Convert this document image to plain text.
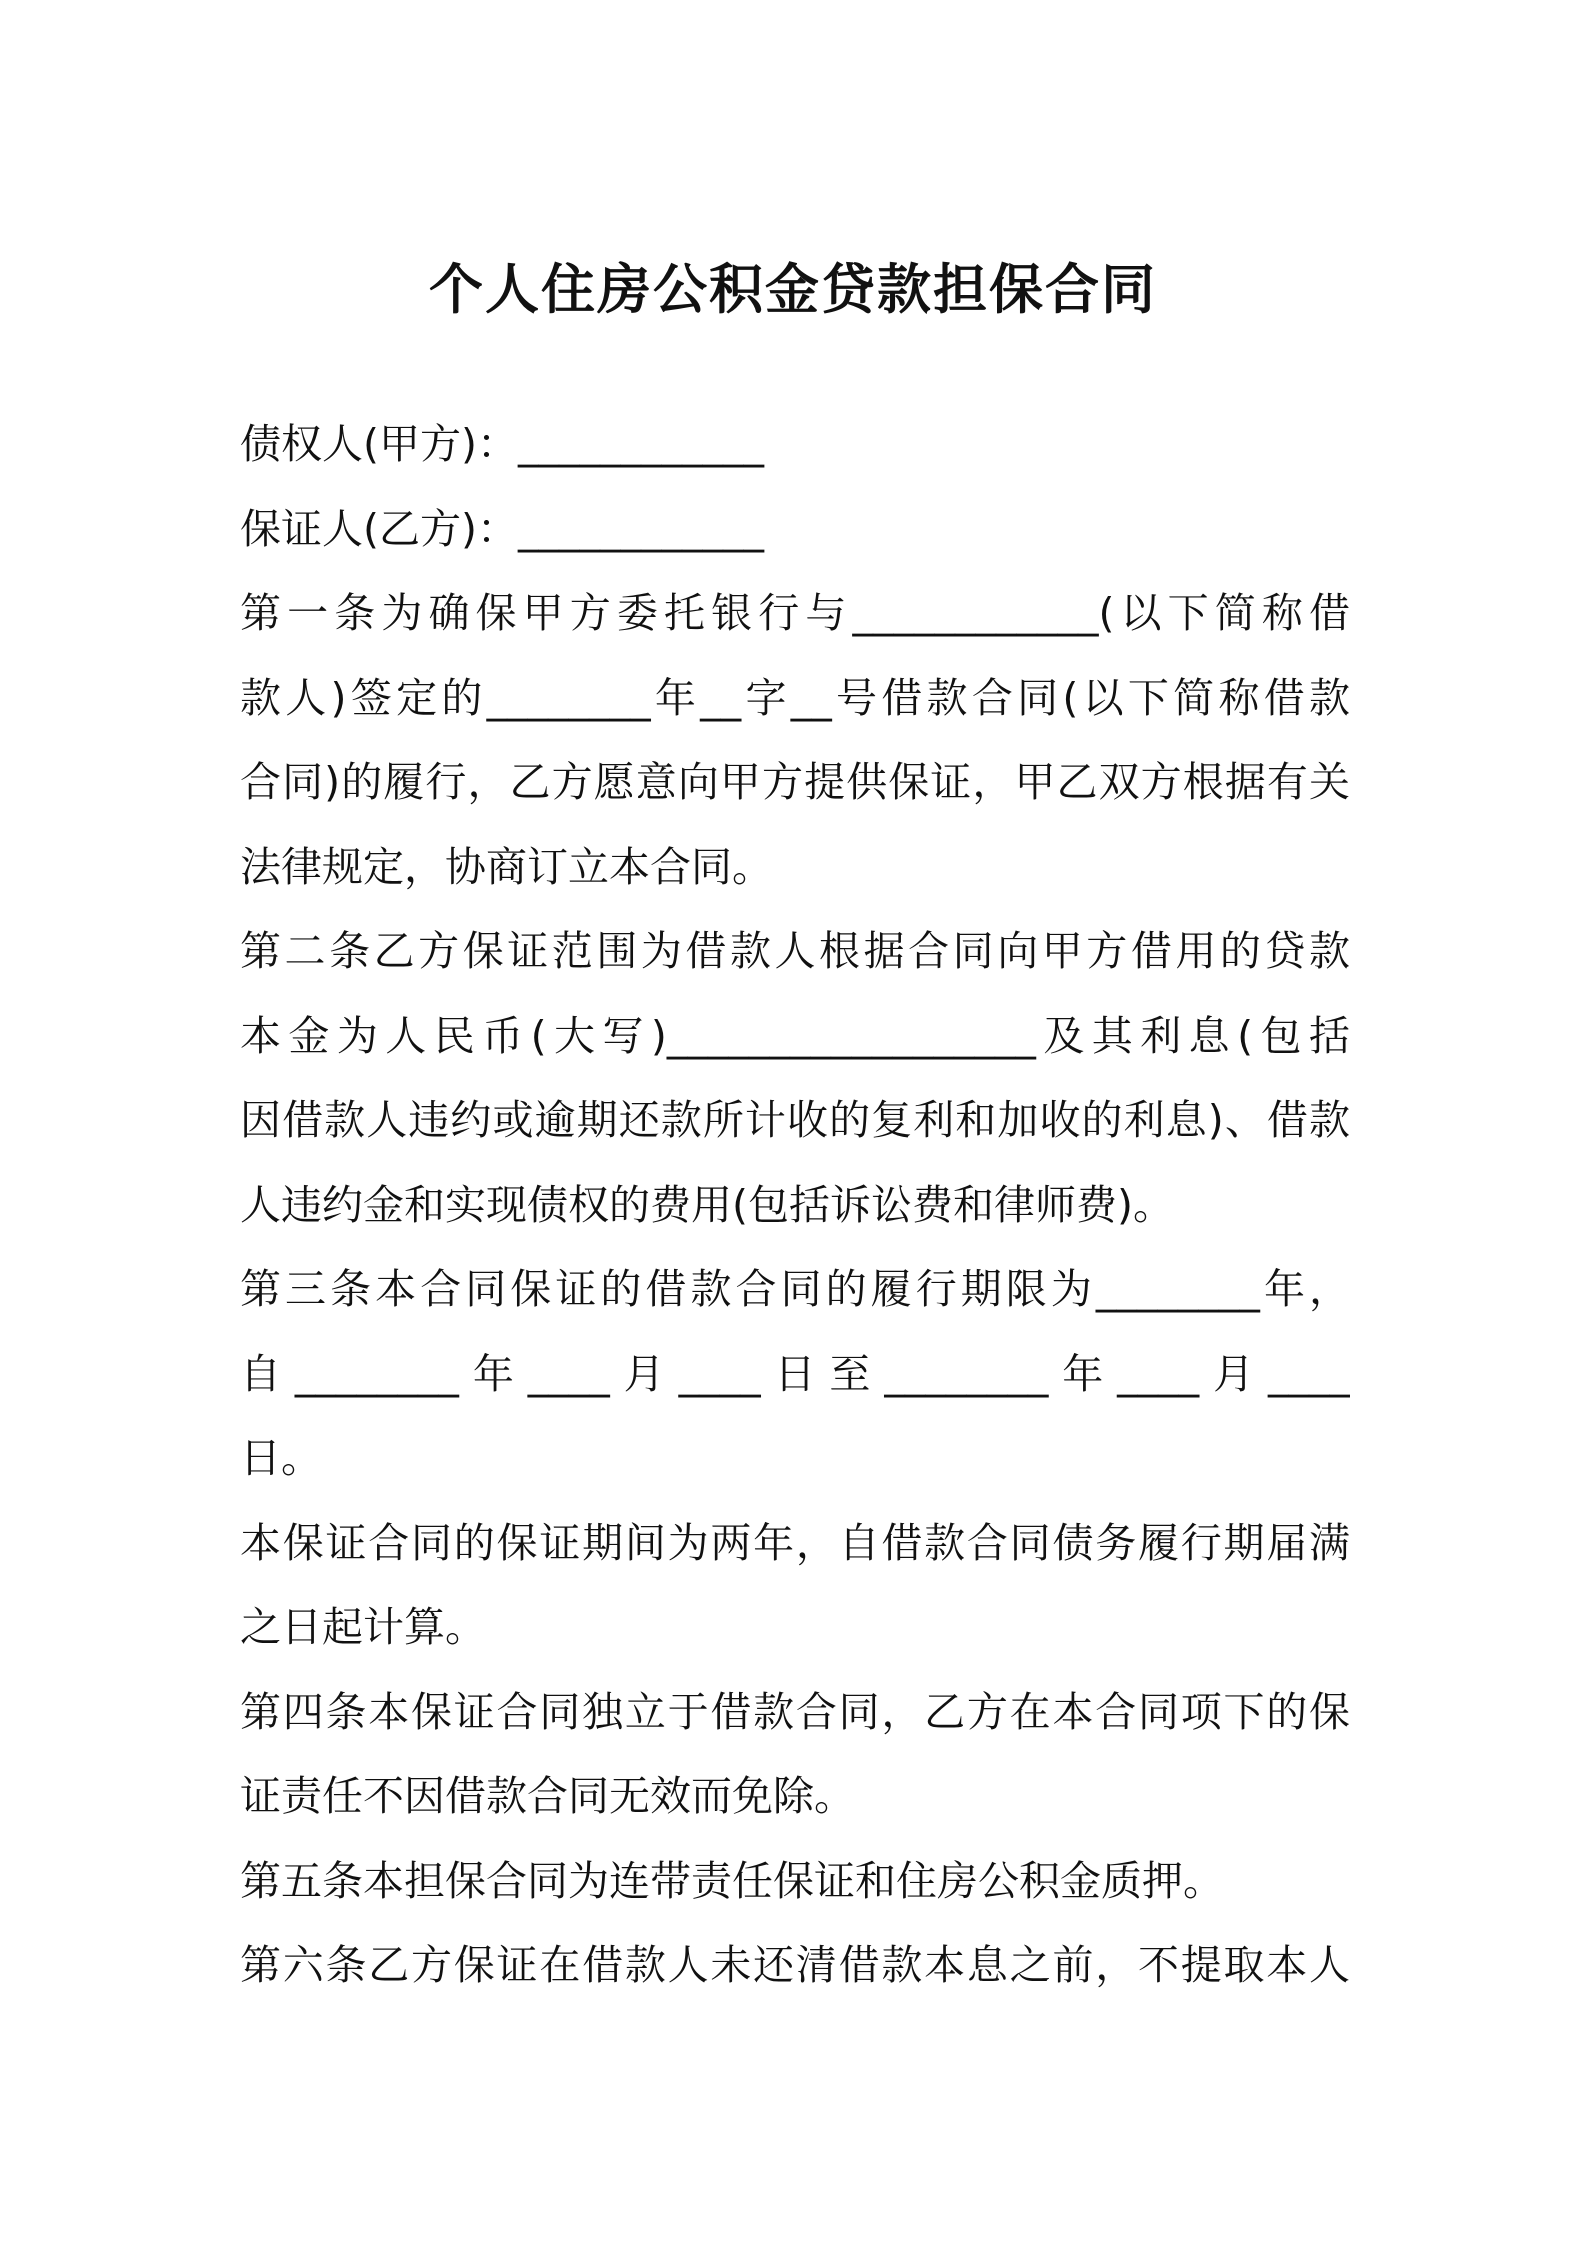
个人住房公积金贷款担保合同
债权人(甲方)：____________
保证人(乙方)：____________
第一条为确保甲方委托银行与____________(以下简称借
款人)签定的________年__字__号借款合同(以下简称借款
合同)的履行，乙方愿意向甲方提供保证，甲乙双方根据有关
法律规定，协商订立本合同。
第二条乙方保证范围为借款人根据合同向甲方借用的贷款
本金为人民币(大写)__________________及其利息(包括
因借款人违约或逾期还款所计收的复利和加收的利息)、借款
人违约金和实现债权的费用(包括诉讼费和律师费)。
第三条本合同保证的借款合同的履行期限为________年，
自________年____月____日至________年____月____
日。
本保证合同的保证期间为两年，自借款合同债务履行期届满
之日起计算。
第四条本保证合同独立于借款合同，乙方在本合同项下的保
证责任不因借款合同无效而免除。
第五条本担保合同为连带责任保证和住房公积金质押。
第六条乙方保证在借款人未还清借款本息之前，不提取本人
